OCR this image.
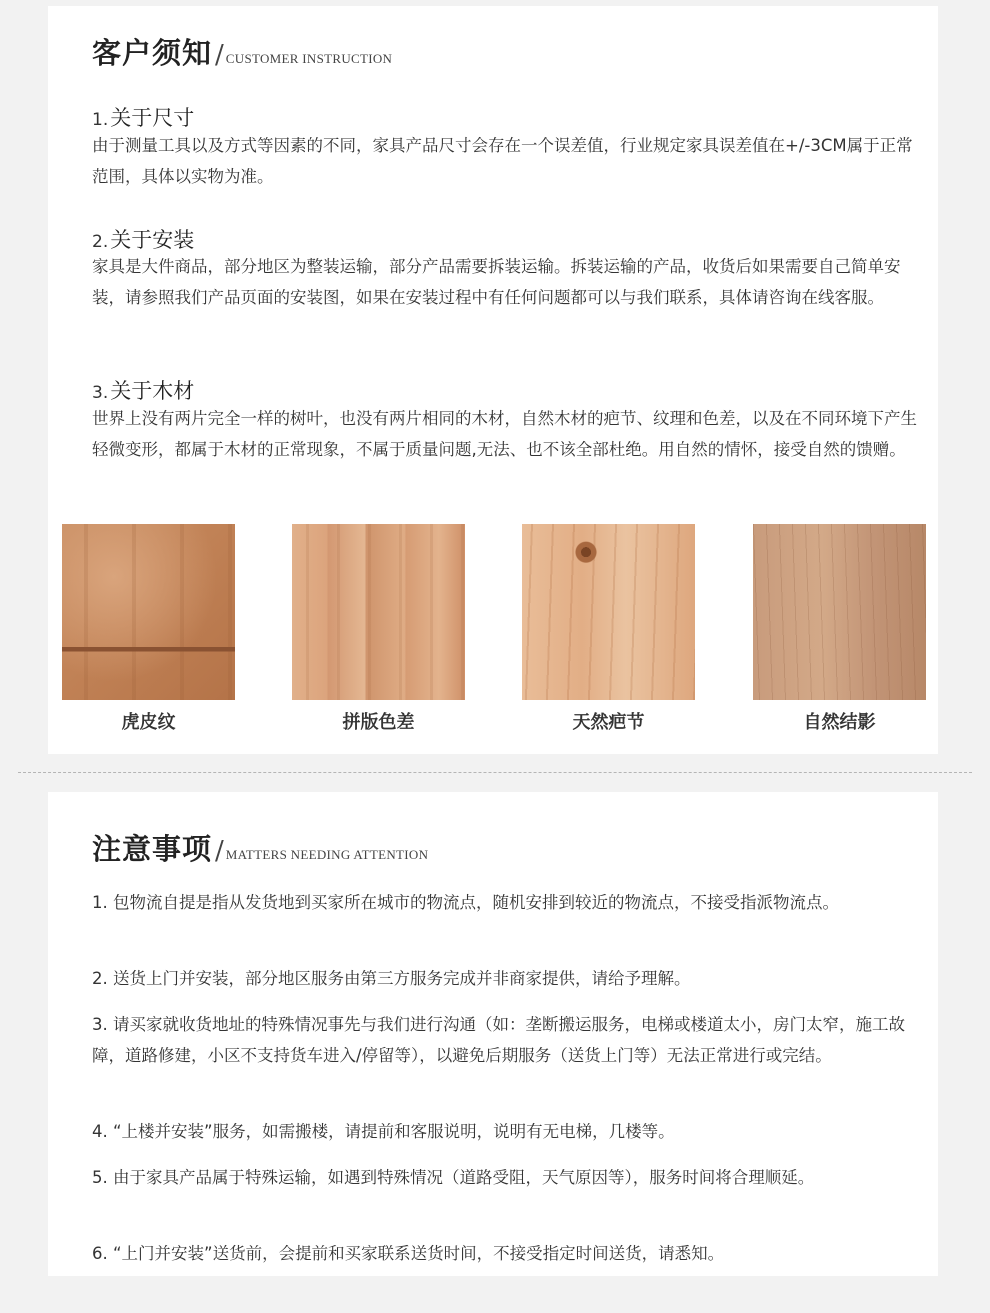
客户须知 / CUSTOMER INSTRUCTION
1.关于尺寸
由于测量工具以及方式等因素的不同，家具产品尺寸会存在一个误差值，行业规定家具误差值在+/-3CM属于正常范围，具体以实物为准。
2.关于安装
家具是大件商品，部分地区为整装运输，部分产品需要拆装运输。拆装运输的产品，收货后如果需要自己简单安装，请参照我们产品页面的安装图，如果在安装过程中有任何问题都可以与我们联系，具体请咨询在线客服。
3.关于木材
世界上没有两片完全一样的树叶，也没有两片相同的木材，自然木材的疤节、纹理和色差，以及在不同环境下产生轻微变形，都属于木材的正常现象，不属于质量问题,无法、也不该全部杜绝。用自然的情怀，接受自然的馈赠。
虎皮纹	拼版色差	天然疤节	自然结影
注意事项 / MATTERS NEEDING ATTENTION
1. 包物流自提是指从发货地到买家所在城市的物流点，随机安排到较近的物流点，不接受指派物流点。
2. 送货上门并安装，部分地区服务由第三方服务完成并非商家提供，请给予理解。
3. 请买家就收货地址的特殊情况事先与我们进行沟通（如：垄断搬运服务，电梯或楼道太小，房门太窄，施工故障，道路修建，小区不支持货车进入/停留等），以避免后期服务（送货上门等）无法正常进行或完结。
4. “上楼并安装”服务，如需搬楼，请提前和客服说明，说明有无电梯，几楼等。
5. 由于家具产品属于特殊运输，如遇到特殊情况（道路受阻，天气原因等），服务时间将合理顺延。
6. “上门并安装”送货前，会提前和买家联系送货时间，不接受指定时间送货，请悉知。
